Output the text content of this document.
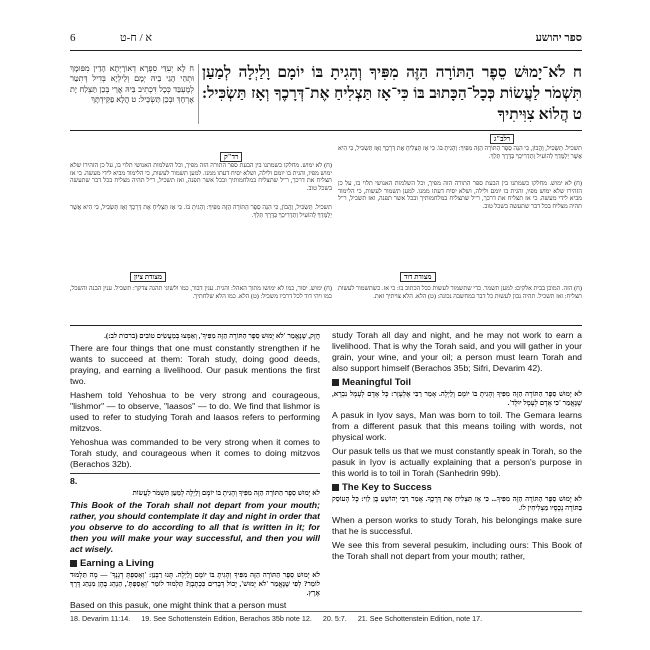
6	א / ח-ט	ספר יהושע
ח לָא יְעִדֵּי סִפְרָא דְאוֹרָיְתָא הָדֵין מִפּוּמָךְ וּתְהֵי הָגֵי בֵיהּ יְמָם וְלֵילְיָא בְּדִיל דְּתִטַּר לְמֶעְבַּד כְּכָל דִּכְתִיב בֵּיהּ אֲרֵי בְּכֵן תַּצְלַח יָת אָרְחָךְ וּבְכֵן תַּשְׂכֵּיל: ט הֲלָא פַקֵּידְתָּךְ
ח לֹא־יָמוּשׁ סֵפֶר הַתּוֹרָה הַזֶּה מִפִּיךָ וְהָגִיתָ בּוֹ יוֹמָם וָלַיְלָה לְמַעַן תִּשְׁמֹר לַעֲשׂוֹת כְּכָל־הַכָּתוּב בּוֹ כִּי־אָז תַּצְלִיחַ אֶת־דְּרָכֶךָ וְאָז תַּשְׂכִּיל: ט הֲלוֹא צִוִּיתִיךָ
רלב"ג
רד"ק
תשכיל. תַּשְׂכִּיל, וַהֲבוֹן, כִּי הִנֵּה סֵפֶר הַתּוֹרָה הַזֶּה מִפִּיךָ: וְהָגִיתָ בּוֹ. כִּי אָז תַּצְלִיחַ אֶת דְּרָכֶךָ וְאָז תַּשְׂכִּיל, כִּי הִיא אֲשֶׁר יְלַמֶּדְךָ לְהוֹעִיל וְתַדְרִיכְךָ בַּדֶּרֶךְ תֵּלֵךְ.
(ח) לא ימוש. מחלקו כשמתנו בין הבעת ספר התורה הזה מפיך, וכל השלמות האנושי תלוי בו, על כן הזהירו שלא ימוש מפיו, והגית בו יומם ולילה, ושלא יסיח דעתו ממנו. למען תשמור לעשות, כי הלימוד מביא לידי מעשה. כי אז תצליח את דרכך, ר"ל שתצליח במלחמותיך ובכל אשר תפנה, ואז תשכיל, ר"ל תהיה מצליח בכל דבר שתעשה בשכל טוב.
(ח) לא ימוש. מחלקו כשמתנו בין הבעת ספר התורה הזה מפיך, וכל השלמות האנושי תלוי בו, על כן הזהירו שלא ימוש מפיו, והגית בו יומם ולילה, ושלא יסיח דעתו ממנו. למען תשמור לעשות, כי הלימוד מביא לידי מעשה. כי אז תצליח את דרכך, ר"ל שתצליח במלחמותיך ובכל אשר תפנה, ואז תשכיל, ר"ל תהיה מצליח בכל דבר שתעשה בשכל טוב.
תשכיל. תַּשְׂכִּיל, וַהֲבוֹן, כִּי הִנֵּה סֵפֶר הַתּוֹרָה הַזֶּה מִפִּיךָ: וְהָגִיתָ בּוֹ. כִּי אָז תַּצְלִיחַ אֶת דְּרָכֶךָ וְאָז תַּשְׂכִּיל, כִּי הִיא אֲשֶׁר יְלַמֶּדְךָ לְהוֹעִיל וְתַדְרִיכְךָ בַּדֶּרֶךְ תֵּלֵךְ.
מצודת ציון	מצודת דוד
(ח) הזה. המוכן בבית אלקים: למען תשמר. כדי שתשמור לעשות ככל הכתוב בו: כי אז. כשתשמור לעשות תצליח: ואז תשכיל. תהיה נבון לעשות כל דבר במחשבה נכונה: (ט) הלא. הלא צויתיך זאת.
(ח) ימוש. יסור, כמו לא ימושו מתוך האהל: והגית. ענין דבור, כמו ולשוני תהגה צדקך: תשכיל. ענין הבנה והשכל, כמו ויהי דוד לכל דרכיו משכיל: (ט) הלא. כמו הלא שלחתיך.
חֲזָק, שֶׁנֶּאֱמַר 'לֹא יָמוּשׁ סֵפֶר הַתּוֹרָה הַזֶּה מִפִּיךָ', וְאַמְּצוּ בְּמַעֲשִׂים טוֹבִים (ברכות לב:).

There are four things that one must constantly strengthen if he wants to succeed at them: Torah study, doing good deeds, praying, and earning a livelihood. Our pasuk mentions the first two.

Hashem told Yehoshua to be very strong and courageous, "lishmor" — to observe, "laasos" — to do. We find that lishmor is used to refer to studying Torah and laasos refers to performing mitzvos.

Yehoshua was commanded to be very strong when it comes to Torah study, and courageous when it comes to doing mitzvos (Berachos 32b).

8.
לֹא יָמוּשׁ סֵפֶר הַתּוֹרָה הַזֶּה מִפִּיךָ וְהָגִיתָ בּוֹ יוֹמָם וָלַיְלָה לְמַעַן תִּשְׁמֹר לַעֲשׂוֹת
This Book of the Torah shall not depart from your mouth; rather, you should contemplate it day and night in order that you observe to do according to all that is written in it; for then you will make your way successful, and then you will act wisely.
Earning a Living
לֹא יָמוּשׁ סֵפֶר הַתּוֹרָה הַזֶּה מִפִּיךָ וְהָגִיתָ בּוֹ יוֹמָם וָלַיְלָה. תָּנוּ רַבָּנַן: 'וְאָסַפְתָּ דְגָנֶךָ' — מָה תַּלְמוּד לוֹמַר? לְפִי שֶׁנֶּאֱמַר 'לֹא יָמוּשׁ', יָכוֹל דְּבָרִים כִּכְתָבָן? תַּלְמוּד לוֹמַר 'וְאָסַפְתָּ', הַנְהֵג בָּהֶן מִנְהַג דֶּרֶךְ אֶרֶץ.

Based on this pasuk, one might think that a person must

study Torah all day and night, and he may not work to earn a livelihood. That is why the Torah said, and you will gather in your grain, your wine, and your oil; a person must learn Torah and also support himself (Berachos 35b; Sifri, Devarim 42).

Meaningful Toil
לֹא יָמוּשׁ סֵפֶר הַתּוֹרָה הַזֶּה מִפִּיךָ וְהָגִיתָ בּוֹ יוֹמָם וָלַיְלָה. אָמַר רַבִּי אֶלְעָזָר: כָּל אָדָם לְעָמָל נִבְרָא, שֶׁנֶּאֱמַר 'כִּי אָדָם לְעָמָל יוּלָּד'.

A pasuk in Iyov says, Man was born to toil. The Gemara learns from a different pasuk that this means toiling with words, not physical work.

Our pasuk tells us that we must constantly speak in Torah, so the pasuk in Iyov is actually explaining that a person's purpose in this world is to toil in Torah (Sanhedrin 99b).

The Key to Success
לֹא יָמוּשׁ סֵפֶר הַתּוֹרָה הַזֶּה מִפִּיךָ... כִּי אָז תַּצְלִיחַ אֶת דְּרָכֶךָ. אָמַר רַבִּי יְהוֹשֻׁעַ בֶּן לֵוִי: כָּל הָעוֹסֵק בַּתּוֹרָה נְכָסָיו מַצְלִיחִין לוֹ.

When a person works to study Torah, his belongings make sure that he is successful.

We see this from several pesukim, including ours: This Book of the Torah shall not depart from your mouth; rather,

18. Devarim 11:14. 19. See Schottenstein Edition, Berachos 35b note 12. 20. 5:7. 21. See Schottenstein Edition, note 17.
